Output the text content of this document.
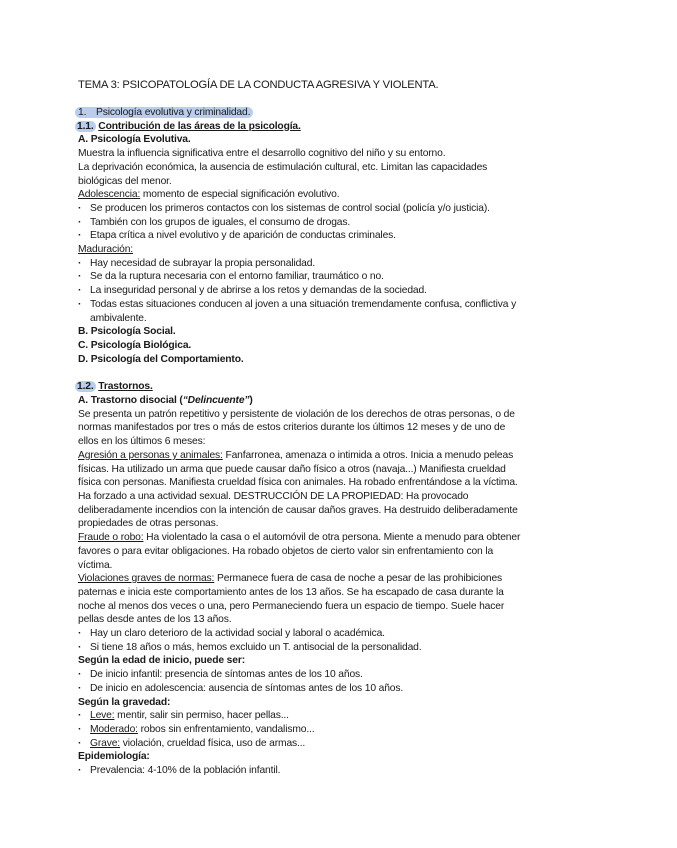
TEMA 3: PSICOPATOLOGÍA DE LA CONDUCTA AGRESIVA Y VIOLENTA.
1. Psicología evolutiva y criminalidad.
1.1. Contribución de las áreas de la psicología.
A. Psicología Evolutiva.
Muestra la influencia significativa entre el desarrollo cognitivo del niño y su entorno.
La deprivación económica, la ausencia de estimulación cultural, etc. Limitan las capacidades
biológicas del menor.
Adolescencia: momento de especial significación evolutivo.
· Se producen los primeros contactos con los sistemas de control social (policía y/o justicia).
· También con los grupos de iguales, el consumo de drogas.
· Etapa crítica a nivel evolutivo y de aparición de conductas criminales.
Maduración:
· Hay necesidad de subrayar la propia personalidad.
· Se da la ruptura necesaria con el entorno familiar, traumático o no.
· La inseguridad personal y de abrirse a los retos y demandas de la sociedad.
· Todas estas situaciones conducen al joven a una situación tremendamente confusa, conflictiva y
ambivalente.
B. Psicología Social.
C. Psicología Biológica.
D. Psicología del Comportamiento.
1.2. Trastornos.
A. Trastorno disocial (“Delincuente”)
Se presenta un patrón repetitivo y persistente de violación de los derechos de otras personas, o de
normas manifestados por tres o más de estos criterios durante los últimos 12 meses y de uno de
ellos en los últimos 6 meses:
Agresión a personas y animales: Fanfarronea, amenaza o intimida a otros. Inicia a menudo peleas
físicas. Ha utilizado un arma que puede causar daño físico a otros (navaja...) Manifiesta crueldad
física con personas. Manifiesta crueldad física con animales. Ha robado enfrentándose a la víctima.
Ha forzado a una actividad sexual. DESTRUCCIÓN DE LA PROPIEDAD: Ha provocado
deliberadamente incendios con la intención de causar daños graves. Ha destruido deliberadamente
propiedades de otras personas.
Fraude o robo: Ha violentado la casa o el automóvil de otra persona. Miente a menudo para obtener
favores o para evitar obligaciones. Ha robado objetos de cierto valor sin enfrentamiento con la
víctima.
Violaciones graves de normas: Permanece fuera de casa de noche a pesar de las prohibiciones
paternas e inicia este comportamiento antes de los 13 años. Se ha escapado de casa durante la
noche al menos dos veces o una, pero Permaneciendo fuera un espacio de tiempo. Suele hacer
pellas desde antes de los 13 años.
· Hay un claro deterioro de la actividad social y laboral o académica.
· Si tiene 18 años o más, hemos excluido un T. antisocial de la personalidad.
Según la edad de inicio, puede ser:
· De inicio infantil: presencia de síntomas antes de los 10 años.
· De inicio en adolescencia: ausencia de síntomas antes de los 10 años.
Según la gravedad:
· Leve: mentir, salir sin permiso, hacer pellas...
· Moderado: robos sin enfrentamiento, vandalismo...
· Grave: violación, crueldad física, uso de armas...
Epidemiología:
· Prevalencia: 4-10% de la población infantil.
